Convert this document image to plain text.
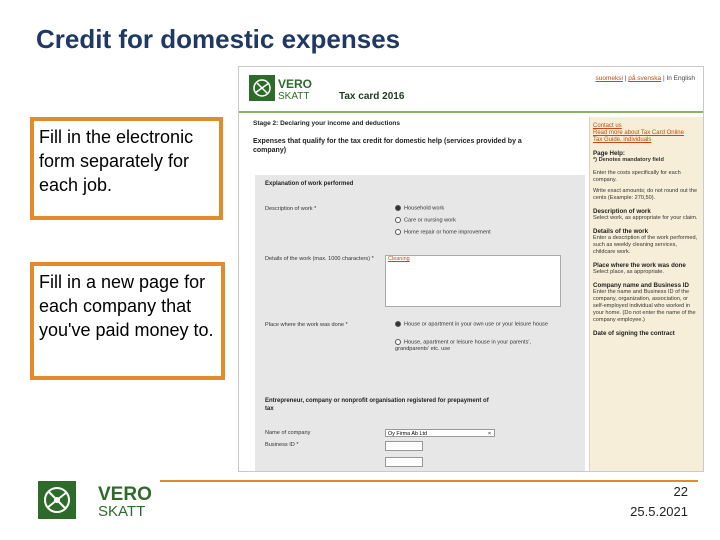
Credit for domestic expenses
Fill in the electronic form separately for each job.
Fill in a new page for each company that you've paid money to.
VERO
SKATT	Tax card 2016
suomeksi | på svenska | In English
Stage 2: Declaring your income and deductions
Expenses that qualify for the tax credit for domestic help (services provided by a company)
Explanation of work performed
Description of work *	Household work
Care or nursing work
Home repair or home improvement
Details of the work (max. 1000 characters) *	Cleaning
Place where the work was done *	House or apartment in your own use or your leisure house
House, apartment or leisure house in your parents', grandparents' etc. use
Entrepreneur, company or nonprofit organisation registered for prepayment of tax
Name of company	Oy Firma Ab Ltd	×
Business ID *
Contact us
Read more about Tax Card Online
Tax Guide, individuals
Page Help:
*) Denotes mandatory field
Enter the costs specifically for each company.
Write exact amounts; do not round out the cents (Example: 270,50).
Description of work
Select work, as appropriate for your claim.
Details of the work
Enter a description of the work performed, such as weekly cleaning services, childcare work.
Place where the work was done
Select place, as appropriate.
Company name and Business ID
Enter the name and Business ID of the company, organization, association, or self-employed individual who worked in your home. (Do not enter the name of the company employee.)
Date of signing the contract
VERO
SKATT
22
25.5.2021
